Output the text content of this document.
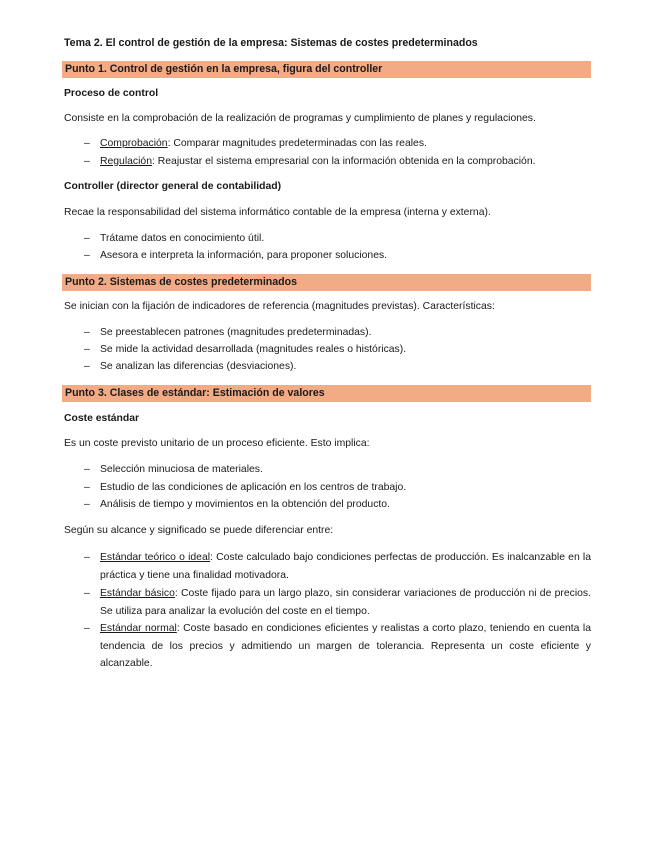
Tema 2. El control de gestión de la empresa: Sistemas de costes predeterminados
Punto 1. Control de gestión en la empresa, figura del controller
Proceso de control
Consiste en la comprobación de la realización de programas y cumplimiento de planes y regulaciones.
– Comprobación: Comparar magnitudes predeterminadas con las reales.
– Regulación: Reajustar el sistema empresarial con la información obtenida en la comprobación.
Controller (director general de contabilidad)
Recae la responsabilidad del sistema informático contable de la empresa (interna y externa).
– Trátame datos en conocimiento útil.
– Asesora e interpreta la información, para proponer soluciones.
Punto 2. Sistemas de costes predeterminados
Se inician con la fijación de indicadores de referencia (magnitudes previstas). Características:
– Se preestablecen patrones (magnitudes predeterminadas).
– Se mide la actividad desarrollada (magnitudes reales o históricas).
– Se analizan las diferencias (desviaciones).
Punto 3. Clases de estándar: Estimación de valores
Coste estándar
Es un coste previsto unitario de un proceso eficiente. Esto implica:
– Selección minuciosa de materiales.
– Estudio de las condiciones de aplicación en los centros de trabajo.
– Análisis de tiempo y movimientos en la obtención del producto.
Según su alcance y significado se puede diferenciar entre:
– Estándar teórico o ideal: Coste calculado bajo condiciones perfectas de producción. Es inalcanzable en la práctica y tiene una finalidad motivadora.
– Estándar básico: Coste fijado para un largo plazo, sin considerar variaciones de producción ni de precios. Se utiliza para analizar la evolución del coste en el tiempo.
– Estándar normal: Coste basado en condiciones eficientes y realistas a corto plazo, teniendo en cuenta la tendencia de los precios y admitiendo un margen de tolerancia. Representa un coste eficiente y alcanzable.
